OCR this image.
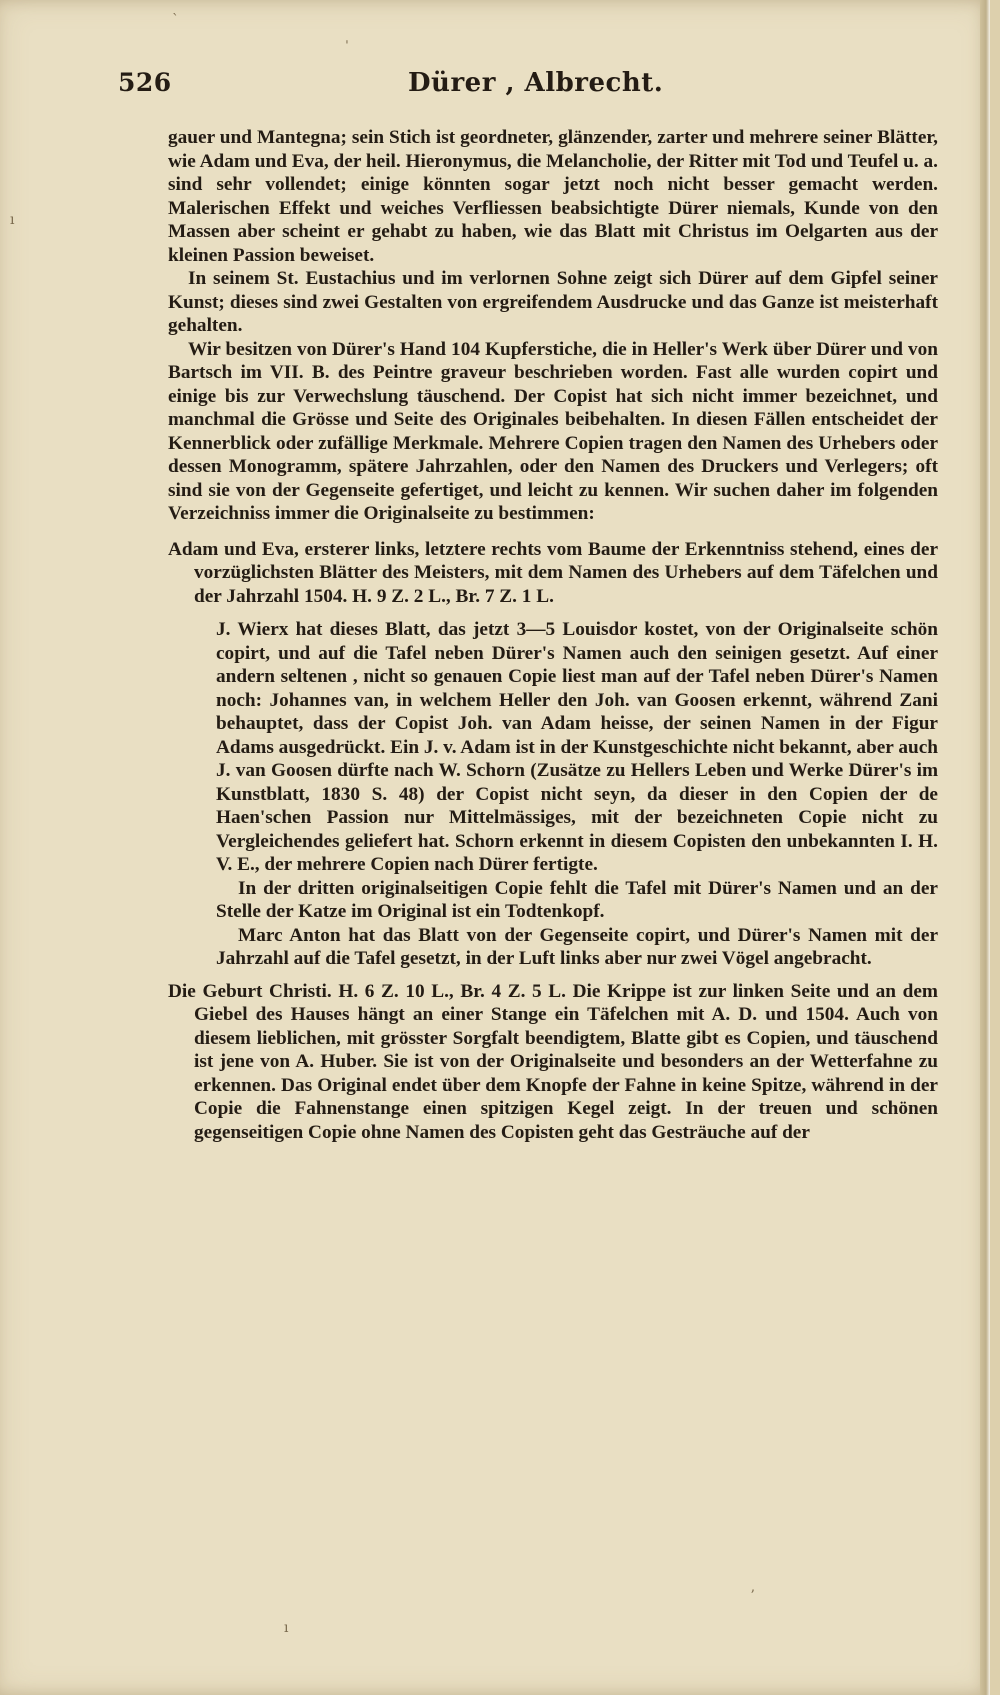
526	Dürer , Albrecht.

gauer und Mantegna; sein Stich ist geordneter, glänzender, zarter und mehrere seiner Blätter, wie Adam und Eva, der heil. Hieronymus, die Melancholie, der Ritter mit Tod und Teufel u. a. sind sehr vollendet; einige könnten sogar jetzt noch nicht besser gemacht werden. Malerischen Effekt und weiches Verfliessen beabsichtigte Dürer niemals, Kunde von den Massen aber scheint er gehabt zu haben, wie das Blatt mit Christus im Oelgarten aus der kleinen Passion beweiset.

In seinem St. Eustachius und im verlornen Sohne zeigt sich Dürer auf dem Gipfel seiner Kunst; dieses sind zwei Gestalten von ergreifendem Ausdrucke und das Ganze ist meisterhaft gehalten.

Wir besitzen von Dürer's Hand 104 Kupferstiche, die in Heller's Werk über Dürer und von Bartsch im VII. B. des Peintre graveur beschrieben worden. Fast alle wurden copirt und einige bis zur Verwechslung täuschend. Der Copist hat sich nicht immer bezeichnet, und manchmal die Grösse und Seite des Originales beibehalten. In diesen Fällen entscheidet der Kennerblick oder zufällige Merkmale. Mehrere Copien tragen den Namen des Urhebers oder dessen Monogramm, spätere Jahrzahlen, oder den Namen des Druckers und Verlegers; oft sind sie von der Gegenseite gefertiget, und leicht zu kennen. Wir suchen daher im folgenden Verzeichniss immer die Originalseite zu bestimmen:

Adam und Eva, ersterer links, letztere rechts vom Baume der Erkenntniss stehend, eines der vorzüglichsten Blätter des Meisters, mit dem Namen des Urhebers auf dem Täfelchen und der Jahrzahl 1504. H. 9 Z. 2 L., Br. 7 Z. 1 L.

J. Wierx hat dieses Blatt, das jetzt 3—5 Louisdor kostet, von der Originalseite schön copirt, und auf die Tafel neben Dürer's Namen auch den seinigen gesetzt. Auf einer andern seltenen , nicht so genauen Copie liest man auf der Tafel neben Dürer's Namen noch: Johannes van, in welchem Heller den Joh. van Goosen erkennt, während Zani behauptet, dass der Copist Joh. van Adam heisse, der seinen Namen in der Figur Adams ausgedrückt. Ein J. v. Adam ist in der Kunstgeschichte nicht bekannt, aber auch J. van Goosen dürfte nach W. Schorn (Zusätze zu Hellers Leben und Werke Dürer's im Kunstblatt, 1830 S. 48) der Copist nicht seyn, da dieser in den Copien der de Haen'schen Passion nur Mittelmässiges, mit der bezeichneten Copie nicht zu Vergleichendes geliefert hat. Schorn erkennt in diesem Copisten den unbekannten I. H. V. E., der mehrere Copien nach Dürer fertigte.

In der dritten originalseitigen Copie fehlt die Tafel mit Dürer's Namen und an der Stelle der Katze im Original ist ein Todtenkopf.

Marc Anton hat das Blatt von der Gegenseite copirt, und Dürer's Namen mit der Jahrzahl auf die Tafel gesetzt, in der Luft links aber nur zwei Vögel angebracht.

Die Geburt Christi. H. 6 Z. 10 L., Br. 4 Z. 5 L. Die Krippe ist zur linken Seite und an dem Giebel des Hauses hängt an einer Stange ein Täfelchen mit A. D. und 1504. Auch von diesem lieblichen, mit grösster Sorgfalt beendigtem, Blatte gibt es Copien, und täuschend ist jene von A. Huber. Sie ist von der Originalseite und besonders an der Wetterfahne zu erkennen. Das Original endet über dem Knopfe der Fahne in keine Spitze, während in der Copie die Fahnenstange einen spitzigen Kegel zeigt. In der treuen und schönen gegenseitigen Copie ohne Namen des Copisten geht das Gesträuche auf der

ˋ
ˌ
ı
ı
ʼ
